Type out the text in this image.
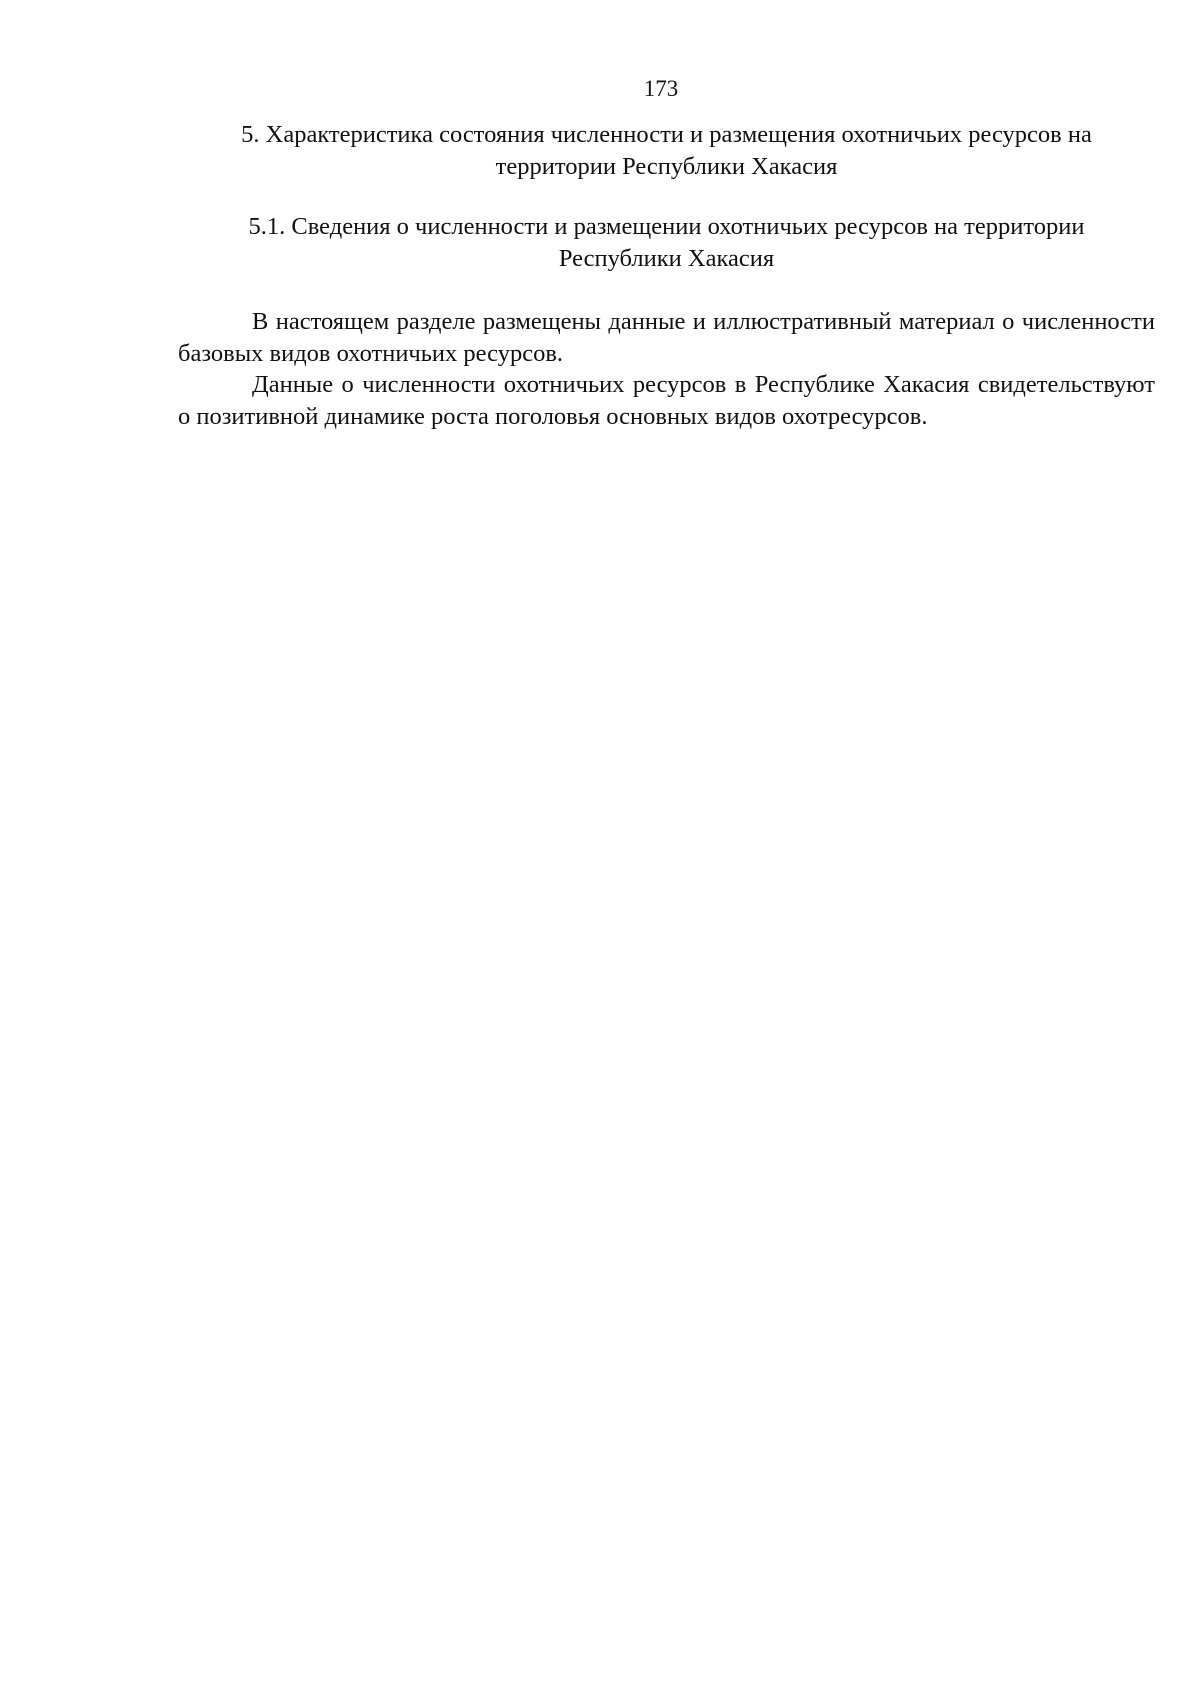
173
5. Характеристика состояния численности и размещения охотничьих ресурсов на
территории Республики Хакасия
5.1. Сведения о численности и размещении охотничьих ресурсов на территории
Республики Хакасия

В настоящем разделе размещены данные и иллюстративный материал о численности базовых видов охотничьих ресурсов.

Данные о численности охотничьих ресурсов в Республике Хакасия свидетельствуют о позитивной динамике роста поголовья основных видов охотресурсов.
